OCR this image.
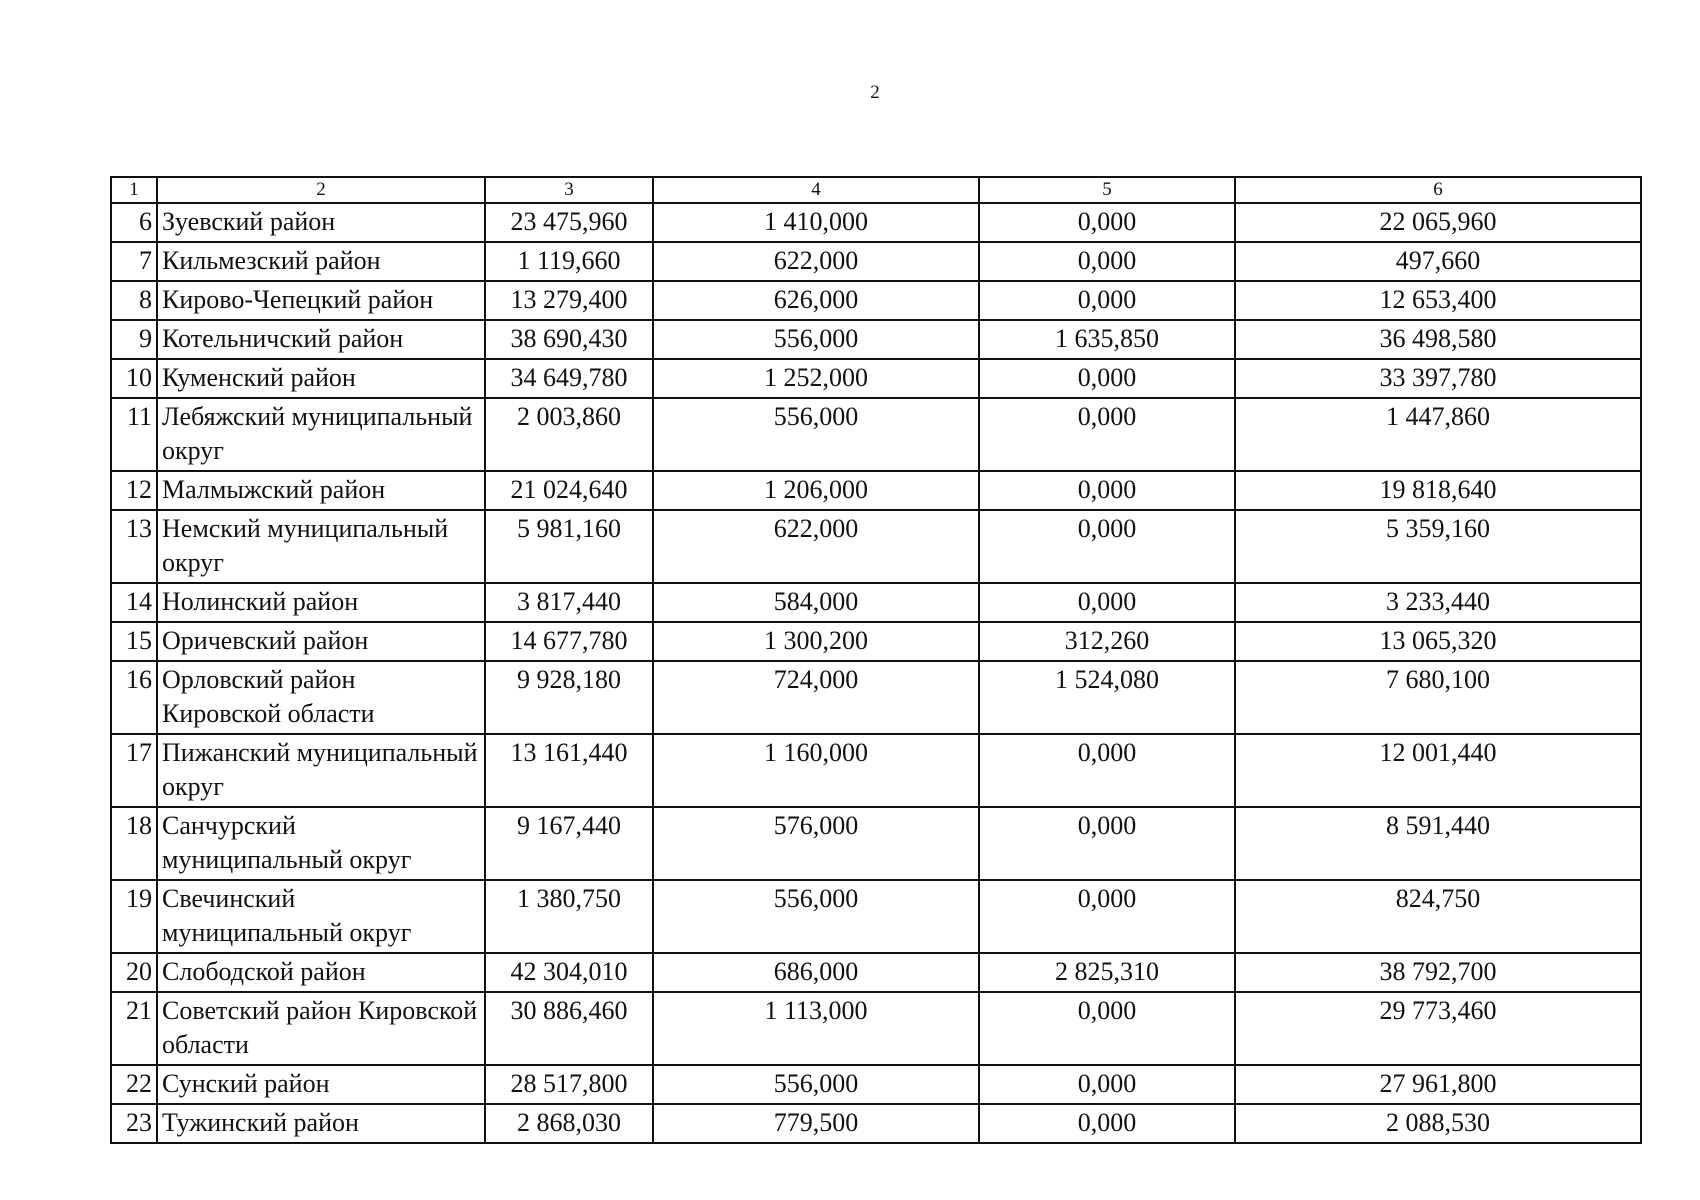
2
1	2	3	4	5	6
6	Зуевский район	23 475,960	1 410,000	0,000	22 065,960
7	Кильмезский район	1 119,660	622,000	0,000	497,660
8	Кирово-Чепецкий район	13 279,400	626,000	0,000	12 653,400
9	Котельничский район	38 690,430	556,000	1 635,850	36 498,580
10	Куменский район	34 649,780	1 252,000	0,000	33 397,780
11	Лебяжский муниципальный округ	2 003,860	556,000	0,000	1 447,860
12	Малмыжский район	21 024,640	1 206,000	0,000	19 818,640
13	Немский муниципальный округ	5 981,160	622,000	0,000	5 359,160
14	Нолинский район	3 817,440	584,000	0,000	3 233,440
15	Оричевский район	14 677,780	1 300,200	312,260	13 065,320
16	Орловский район Кировской области	9 928,180	724,000	1 524,080	7 680,100
17	Пижанский муниципальный округ	13 161,440	1 160,000	0,000	12 001,440
18	Санчурский муниципальный округ	9 167,440	576,000	0,000	8 591,440
19	Свечинский муниципальный округ	1 380,750	556,000	0,000	824,750
20	Слободской район	42 304,010	686,000	2 825,310	38 792,700
21	Советский район Кировской области	30 886,460	1 113,000	0,000	29 773,460
22	Сунский район	28 517,800	556,000	0,000	27 961,800
23	Тужинский район	2 868,030	779,500	0,000	2 088,530
